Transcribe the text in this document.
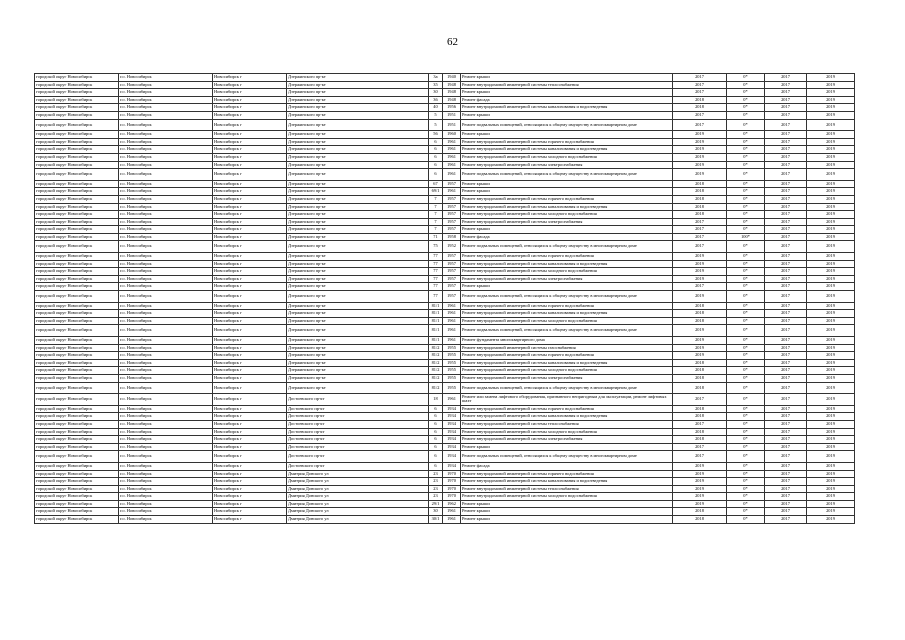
62
городской округ Новосибирск	г.о. Новосибирск	Новосибирск г	Дзержинского пр-кт	3а	1940	Ремонт крыши	2017	0*	2017	2019
городской округ Новосибирск	г.о. Новосибирск	Новосибирск г	Дзержинского пр-кт	35	1948	Ремонт внутридомовой инженерной системы теплоснабжения	2017	0*	2017	2019
городской округ Новосибирск	г.о. Новосибирск	Новосибирск г	Дзержинского пр-кт	30	1948	Ремонт крыши	2017	0*	2017	2019
городской округ Новосибирск	г.о. Новосибирск	Новосибирск г	Дзержинского пр-кт	36	1948	Ремонт фасада	2018	0*	2017	2019
городской округ Новосибирск	г.о. Новосибирск	Новосибирск г	Дзержинского пр-кт	40	1956	Ремонт внутридомовой инженерной системы канализования и водоотведения	2018	0*	2017	2019
городской округ Новосибирск	г.о. Новосибирск	Новосибирск г	Дзержинского пр-кт	5	1951	Ремонт крыши	2017	0*	2017	2019
городской округ Новосибирск	г.о. Новосибирск	Новосибирск г	Дзержинского пр-кт	5	1951	Ремонт подвальных помещений, относящихся к общему имуществу в многоквартирном доме	2017	0*	2017	2019
городской округ Новосибирск	г.о. Новосибирск	Новосибирск г	Дзержинского пр-кт	56	1960	Ремонт крыши	2019	0*	2017	2019
городской округ Новосибирск	г.о. Новосибирск	Новосибирск г	Дзержинского пр-кт	6	1961	Ремонт внутридомовой инженерной системы горячего водоснабжения	2019	0*	2017	2019
городской округ Новосибирск	г.о. Новосибирск	Новосибирск г	Дзержинского пр-кт	6	1961	Ремонт внутридомовой инженерной системы канализования и водоотведения	2019	0*	2017	2019
городской округ Новосибирск	г.о. Новосибирск	Новосибирск г	Дзержинского пр-кт	6	1961	Ремонт внутридомовой инженерной системы холодного водоснабжения	2019	0*	2017	2019
городской округ Новосибирск	г.о. Новосибирск	Новосибирск г	Дзержинского пр-кт	6	1961	Ремонт внутридомовой инженерной системы электроснабжения	2019	0*	2017	2019
городской округ Новосибирск	г.о. Новосибирск	Новосибирск г	Дзержинского пр-кт	6	1961	Ремонт подвальных помещений, относящихся к общему имуществу в многоквартирном доме	2019	0*	2017	2019
городской округ Новосибирск	г.о. Новосибирск	Новосибирск г	Дзержинского пр-кт	67	1957	Ремонт крыши	2018	0*	2017	2019
городской округ Новосибирск	г.о. Новосибирск	Новосибирск г	Дзержинского пр-кт	69/1	1961	Ремонт крыши	2018	0*	2017	2019
городской округ Новосибирск	г.о. Новосибирск	Новосибирск г	Дзержинского пр-кт	7	1957	Ремонт внутридомовой инженерной системы горячего водоснабжения	2018	0*	2017	2019
городской округ Новосибирск	г.о. Новосибирск	Новосибирск г	Дзержинского пр-кт	7	1957	Ремонт внутридомовой инженерной системы канализования и водоотведения	2018	0*	2017	2019
городской округ Новосибирск	г.о. Новосибирск	Новосибирск г	Дзержинского пр-кт	7	1957	Ремонт внутридомовой инженерной системы холодного водоснабжения	2018	0*	2017	2019
городской округ Новосибирск	г.о. Новосибирск	Новосибирск г	Дзержинского пр-кт	7	1957	Ремонт внутридомовой инженерной системы электроснабжения	2017	0*	2017	2019
городской округ Новосибирск	г.о. Новосибирск	Новосибирск г	Дзержинского пр-кт	7	1957	Ремонт крыши	2017	0*	2017	2019
городской округ Новосибирск	г.о. Новосибирск	Новосибирск г	Дзержинского пр-кт	71	1958	Ремонт фасада	2017	100*	2017	2019
городской округ Новосибирск	г.о. Новосибирск	Новосибирск г	Дзержинского пр-кт	75	1952	Ремонт подвальных помещений, относящихся к общему имуществу в многоквартирном доме	2017	0*	2017	2019
городской округ Новосибирск	г.о. Новосибирск	Новосибирск г	Дзержинского пр-кт	77	1957	Ремонт внутридомовой инженерной системы горячего водоснабжения	2019	0*	2017	2019
городской округ Новосибирск	г.о. Новосибирск	Новосибирск г	Дзержинского пр-кт	77	1957	Ремонт внутридомовой инженерной системы канализования и водоотведения	2019	0*	2017	2019
городской округ Новосибирск	г.о. Новосибирск	Новосибирск г	Дзержинского пр-кт	77	1957	Ремонт внутридомовой инженерной системы холодного водоснабжения	2019	0*	2017	2019
городской округ Новосибирск	г.о. Новосибирск	Новосибирск г	Дзержинского пр-кт	77	1957	Ремонт внутридомовой инженерной системы электроснабжения	2019	0*	2017	2019
городской округ Новосибирск	г.о. Новосибирск	Новосибирск г	Дзержинского пр-кт	77	1957	Ремонт крыши	2017	0*	2017	2019
городской округ Новосибирск	г.о. Новосибирск	Новосибирск г	Дзержинского пр-кт	77	1957	Ремонт подвальных помещений, относящихся к общему имуществу в многоквартирном доме	2019	0*	2017	2019
городской округ Новосибирск	г.о. Новосибирск	Новосибирск г	Дзержинского пр-кт	81/1	1961	Ремонт внутридомовой инженерной системы горячего водоснабжения	2018	0*	2017	2019
городской округ Новосибирск	г.о. Новосибирск	Новосибирск г	Дзержинского пр-кт	81/1	1961	Ремонт внутридомовой инженерной системы канализования и водоотведения	2018	0*	2017	2019
городской округ Новосибирск	г.о. Новосибирск	Новосибирск г	Дзержинского пр-кт	81/1	1961	Ремонт внутридомовой инженерной системы холодного водоснабжения	2018	0*	2017	2019
городской округ Новосибирск	г.о. Новосибирск	Новосибирск г	Дзержинского пр-кт	81/1	1961	Ремонт подвальных помещений, относящихся к общему имуществу в многоквартирном доме	2019	0*	2017	2019
городской округ Новосибирск	г.о. Новосибирск	Новосибирск г	Дзержинского пр-кт	81/1	1961	Ремонт фундамента многоквартирного дома	2019	0*	2017	2019
городской округ Новосибирск	г.о. Новосибирск	Новосибирск г	Дзержинского пр-кт	81/2	1955	Ремонт внутридомовой инженерной системы газоснабжения	2019	0*	2017	2019
городской округ Новосибирск	г.о. Новосибирск	Новосибирск г	Дзержинского пр-кт	81/2	1955	Ремонт внутридомовой инженерной системы горячего водоснабжения	2019	0*	2017	2019
городской округ Новосибирск	г.о. Новосибирск	Новосибирск г	Дзержинского пр-кт	81/2	1955	Ремонт внутридомовой инженерной системы канализования и водоотведения	2018	0*	2017	2019
городской округ Новосибирск	г.о. Новосибирск	Новосибирск г	Дзержинского пр-кт	81/2	1955	Ремонт внутридомовой инженерной системы холодного водоснабжения	2018	0*	2017	2019
городской округ Новосибирск	г.о. Новосибирск	Новосибирск г	Дзержинского пр-кт	81/2	1955	Ремонт внутридомовой инженерной системы электроснабжения	2018	0*	2017	2019
городской округ Новосибирск	г.о. Новосибирск	Новосибирск г	Дзержинского пр-кт	81/2	1955	Ремонт подвальных помещений, относящихся к общему имуществу в многоквартирном доме	2018	0*	2017	2019
городской округ Новосибирск	г.о. Новосибирск	Новосибирск г	Достоевского пр-кт	18	1961	Ремонт или замена лифтового оборудования, признанного непригодным для эксплуатации, ремонт лифтовых шахт	2017	0*	2017	2019
городской округ Новосибирск	г.о. Новосибирск	Новосибирск г	Достоевского пр-кт	6	1934	Ремонт внутридомовой инженерной системы горячего водоснабжения	2018	0*	2017	2019
городской округ Новосибирск	г.о. Новосибирск	Новосибирск г	Достоевского пр-кт	6	1934	Ремонт внутридомовой инженерной системы канализования и водоотведения	2018	0*	2017	2019
городской округ Новосибирск	г.о. Новосибирск	Новосибирск г	Достоевского пр-кт	6	1934	Ремонт внутридомовой инженерной системы теплоснабжения	2017	0*	2017	2019
городской округ Новосибирск	г.о. Новосибирск	Новосибирск г	Достоевского пр-кт	6	1934	Ремонт внутридомовой инженерной системы холодного водоснабжения	2018	0*	2017	2019
городской округ Новосибирск	г.о. Новосибирск	Новосибирск г	Достоевского пр-кт	6	1934	Ремонт внутридомовой инженерной системы электроснабжения	2018	0*	2017	2019
городской округ Новосибирск	г.о. Новосибирск	Новосибирск г	Достоевского пр-кт	6	1934	Ремонт крыши	2017	0*	2017	2019
городской округ Новосибирск	г.о. Новосибирск	Новосибирск г	Достоевского пр-кт	6	1934	Ремонт подвальных помещений, относящихся к общему имуществу в многоквартирном доме	2017	0*	2017	2019
городской округ Новосибирск	г.о. Новосибирск	Новосибирск г	Достоевского пр-кт	6	1934	Ремонт фасада	2019	0*	2017	2019
городской округ Новосибирск	г.о. Новосибирск	Новосибирск г	Дмитрия Донского ул	23	1970	Ремонт внутридомовой инженерной системы горячего водоснабжения	2019	0*	2017	2019
городской округ Новосибирск	г.о. Новосибирск	Новосибирск г	Дмитрия Донского ул	23	1970	Ремонт внутридомовой инженерной системы канализования и водоотведения	2019	0*	2017	2019
городской округ Новосибирск	г.о. Новосибирск	Новосибирск г	Дмитрия Донского ул	23	1970	Ремонт внутридомовой инженерной системы теплоснабжения	2019	0*	2017	2019
городской округ Новосибирск	г.о. Новосибирск	Новосибирск г	Дмитрия Донского ул	23	1970	Ремонт внутридомовой инженерной системы холодного водоснабжения	2019	0*	2017	2019
городской округ Новосибирск	г.о. Новосибирск	Новосибирск г	Дмитрия Донского ул	29/1	1962	Ремонт крыши	2019	0*	2017	2019
городской округ Новосибирск	г.о. Новосибирск	Новосибирск г	Дмитрия Донского ул	30	1961	Ремонт крыши	2018	0*	2017	2019
городской округ Новосибирск	г.о. Новосибирск	Новосибирск г	Дмитрия Донского ул	30/1	1961	Ремонт крыши	2018	0*	2017	2019
